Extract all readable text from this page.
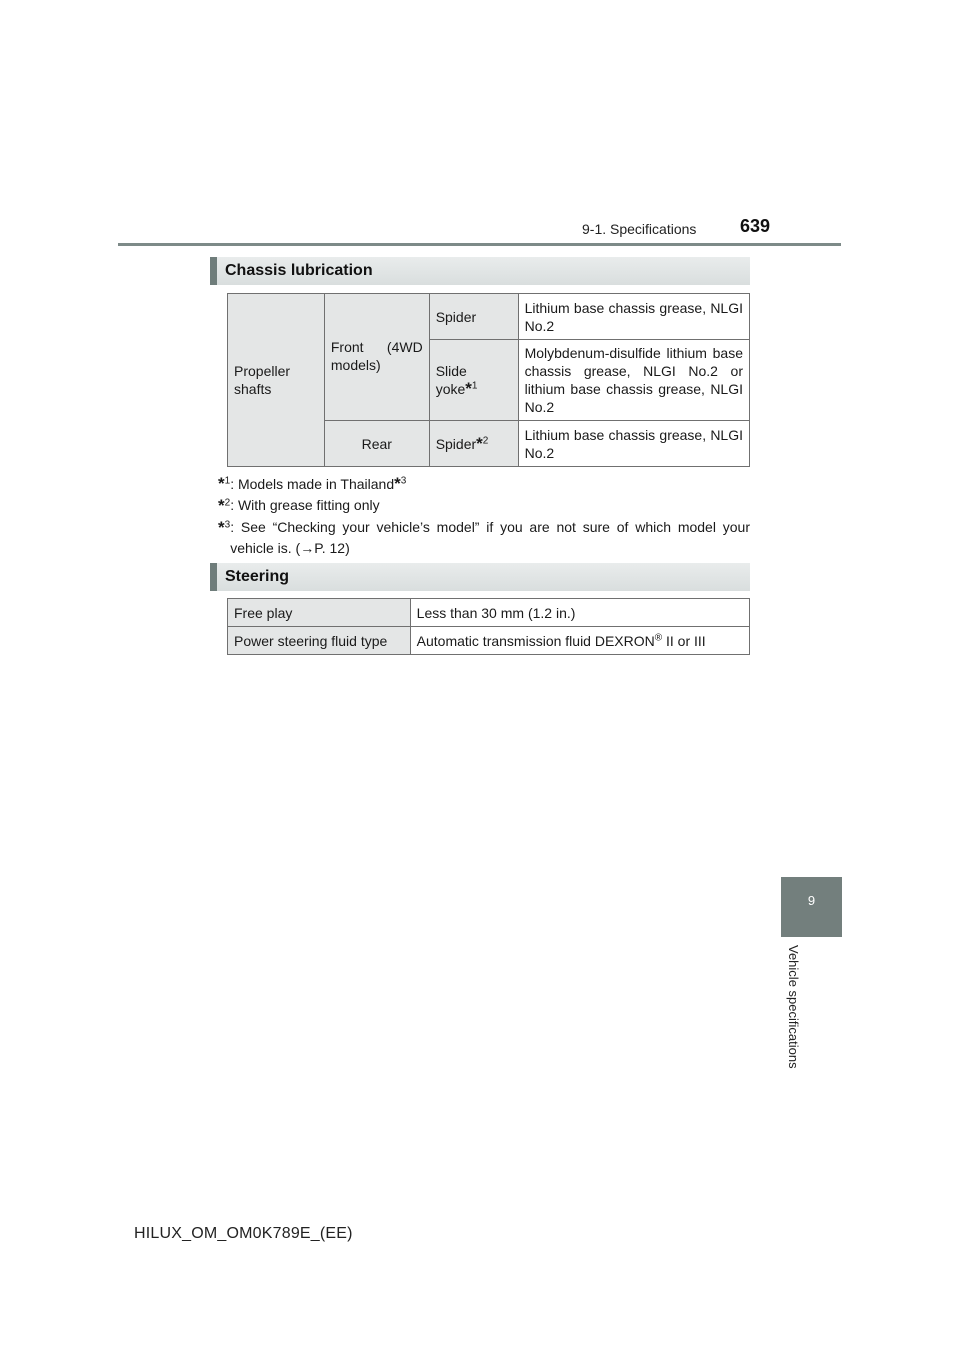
9-1. Specifications 639
Chassis lubrication
Propeller shafts	Front (4WD models)	Spider	Lithium base chassis grease, NLGI No.2
		Slide yoke*$^1$	Molybdenum-disulfide lithium base chassis grease, NLGI No.2 or lithium base chassis grease, NLGI No.2
	Rear	Spider*$^2$	Lithium base chassis grease, NLGI No.2
*$^1$ : Models made in Thailand*$^3$
*$^2$ : With grease fitting only
*$^3$ : See “Checking your vehicle’s model” if you are not sure of which model your vehicle is. (→P. 12)
Steering
Free play	Less than 30 mm (1.2 in.)
Power steering fluid type	Automatic transmission fluid DEXRON® II or III
9
Vehicle specifications
HILUX_OM_OM0K789E_(EE)
